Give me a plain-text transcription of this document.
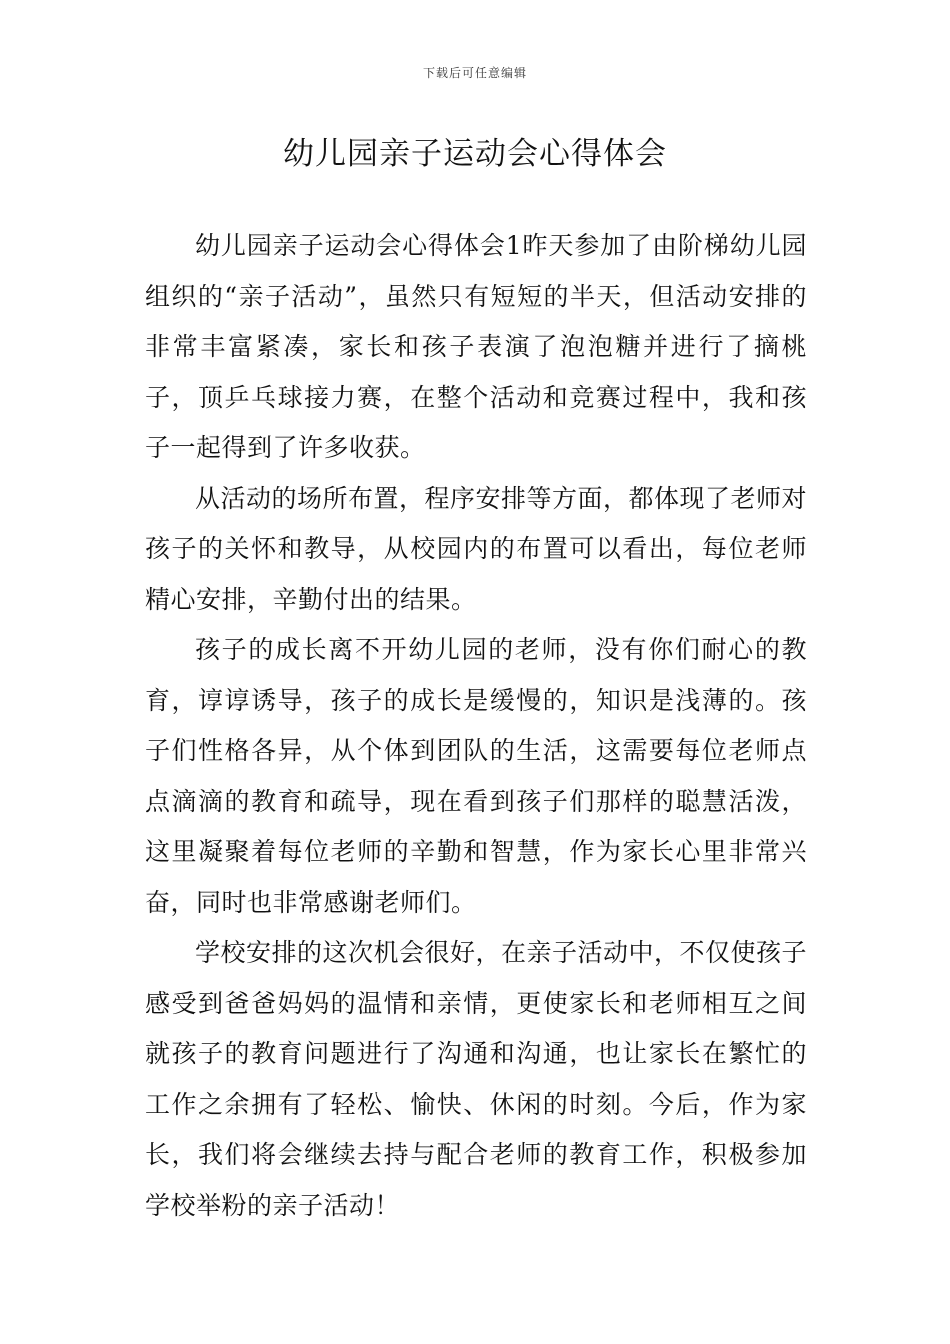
下载后可任意编辑
幼儿园亲子运动会心得体会

幼儿园亲子运动会心得体会1昨天参加了由阶梯幼儿园组织的“亲子活动”，虽然只有短短的半天，但活动安排的非常丰富紧凑，家长和孩子表演了泡泡糖并进行了摘桃子，顶乒乓球接力赛，在整个活动和竞赛过程中，我和孩子一起得到了许多收获。

从活动的场所布置，程序安排等方面，都体现了老师对孩子的关怀和教导，从校园内的布置可以看出，每位老师精心安排，辛勤付出的结果。

孩子的成长离不开幼儿园的老师，没有你们耐心的教育，谆谆诱导，孩子的成长是缓慢的，知识是浅薄的。孩子们性格各异，从个体到团队的生活，这需要每位老师点点滴滴的教育和疏导，现在看到孩子们那样的聪慧活泼，这里凝聚着每位老师的辛勤和智慧，作为家长心里非常兴奋，同时也非常感谢老师们。

学校安排的这次机会很好，在亲子活动中，不仅使孩子感受到爸爸妈妈的温情和亲情，更使家长和老师相互之间就孩子的教育问题进行了沟通和沟通，也让家长在繁忙的工作之余拥有了轻松、愉快、休闲的时刻。今后，作为家长，我们将会继续去持与配合老师的教育工作，积极参加学校举粉的亲子活动！
